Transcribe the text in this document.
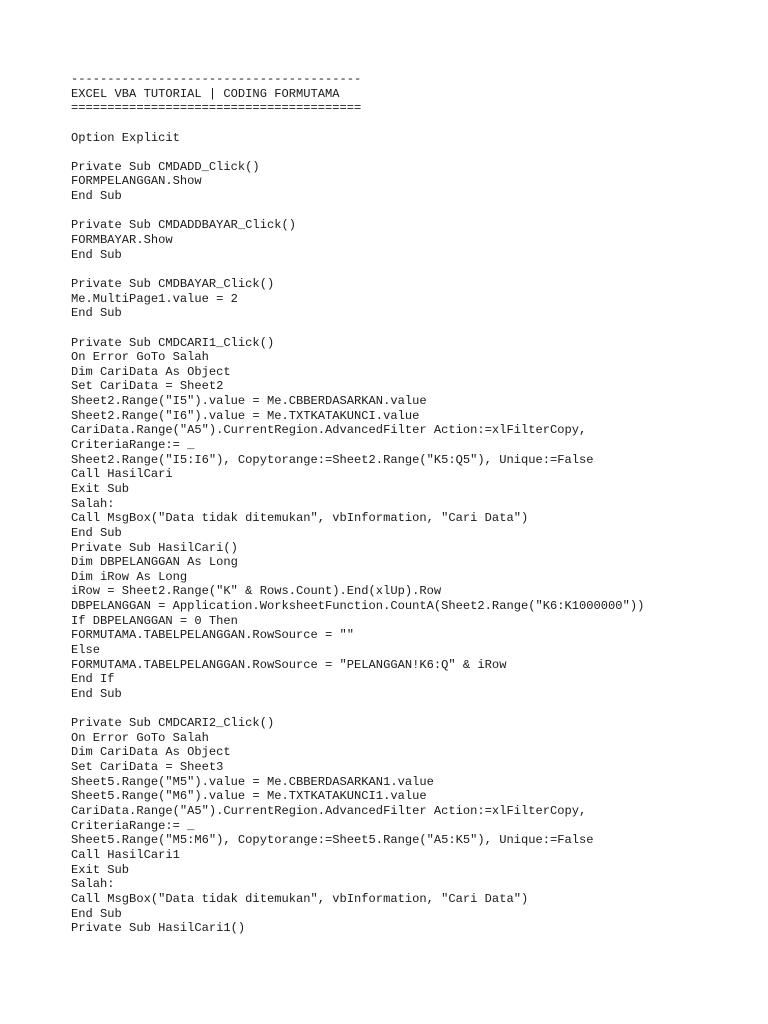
----------------------------------------
EXCEL VBA TUTORIAL | CODING FORMUTAMA
========================================
Option Explicit
Private Sub CMDADD_Click()
FORMPELANGGAN.Show
End Sub
Private Sub CMDADDBAYAR_Click()
FORMBAYAR.Show
End Sub
Private Sub CMDBAYAR_Click()
Me.MultiPage1.value = 2
End Sub
Private Sub CMDCARI1_Click()
On Error GoTo Salah
Dim CariData As Object
Set CariData = Sheet2
Sheet2.Range("I5").value = Me.CBBERDASARKAN.value
Sheet2.Range("I6").value = Me.TXTKATAKUNCI.value
CariData.Range("A5").CurrentRegion.AdvancedFilter Action:=xlFilterCopy,
CriteriaRange:= _
Sheet2.Range("I5:I6"), Copytorange:=Sheet2.Range("K5:Q5"), Unique:=False
Call HasilCari
Exit Sub
Salah:
Call MsgBox("Data tidak ditemukan", vbInformation, "Cari Data")
End Sub
Private Sub HasilCari()
Dim DBPELANGGAN As Long
Dim iRow As Long
iRow = Sheet2.Range("K" & Rows.Count).End(xlUp).Row
DBPELANGGAN = Application.WorksheetFunction.CountA(Sheet2.Range("K6:K1000000"))
If DBPELANGGAN = 0 Then
FORMUTAMA.TABELPELANGGAN.RowSource = ""
Else
FORMUTAMA.TABELPELANGGAN.RowSource = "PELANGGAN!K6:Q" & iRow
End If
End Sub
Private Sub CMDCARI2_Click()
On Error GoTo Salah
Dim CariData As Object
Set CariData = Sheet3
Sheet5.Range("M5").value = Me.CBBERDASARKAN1.value
Sheet5.Range("M6").value = Me.TXTKATAKUNCI1.value
CariData.Range("A5").CurrentRegion.AdvancedFilter Action:=xlFilterCopy,
CriteriaRange:= _
Sheet5.Range("M5:M6"), Copytorange:=Sheet5.Range("A5:K5"), Unique:=False
Call HasilCari1
Exit Sub
Salah:
Call MsgBox("Data tidak ditemukan", vbInformation, "Cari Data")
End Sub
Private Sub HasilCari1()
